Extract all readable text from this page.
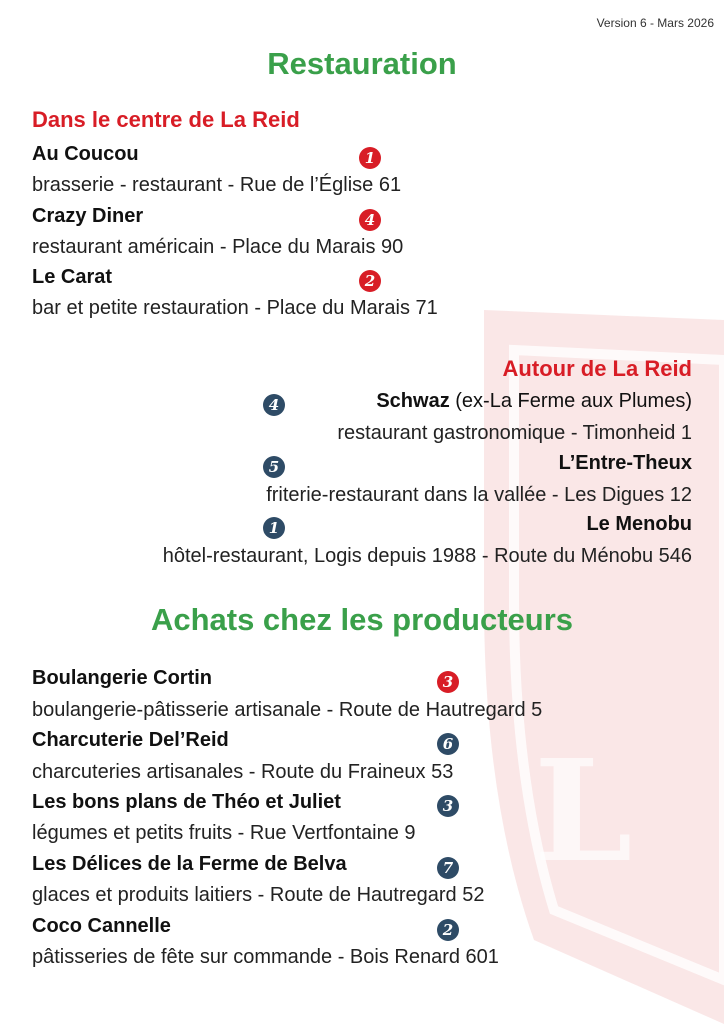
L
Version 6 - Mars 2026
Restauration
Dans le centre de La Reid
Au Coucou	1
brasserie - restaurant - Rue de l’Église 61
Crazy Diner	4
restaurant américain - Place du Marais 90
Le Carat	2
bar et petite restauration - Place du Marais 71
Autour de La Reid
4	Schwaz (ex-La Ferme aux Plumes)
restaurant gastronomique - Timonheid 1
5	L’Entre-Theux
friterie-restaurant dans la vallée - Les Digues 12
1	Le Menobu
hôtel-restaurant, Logis depuis 1988 - Route du Ménobu 546
Achats chez les producteurs
Boulangerie Cortin	3
boulangerie-pâtisserie artisanale - Route de Hautregard 5
Charcuterie Del’Reid	6
charcuteries artisanales - Route du Fraineux 53
Les bons plans de Théo et Juliet	3
légumes et petits fruits - Rue Vertfontaine 9
Les Délices de la Ferme de Belva	7
glaces et produits laitiers - Route de Hautregard 52
Coco Cannelle	2
pâtisseries de fête sur commande - Bois Renard 601
